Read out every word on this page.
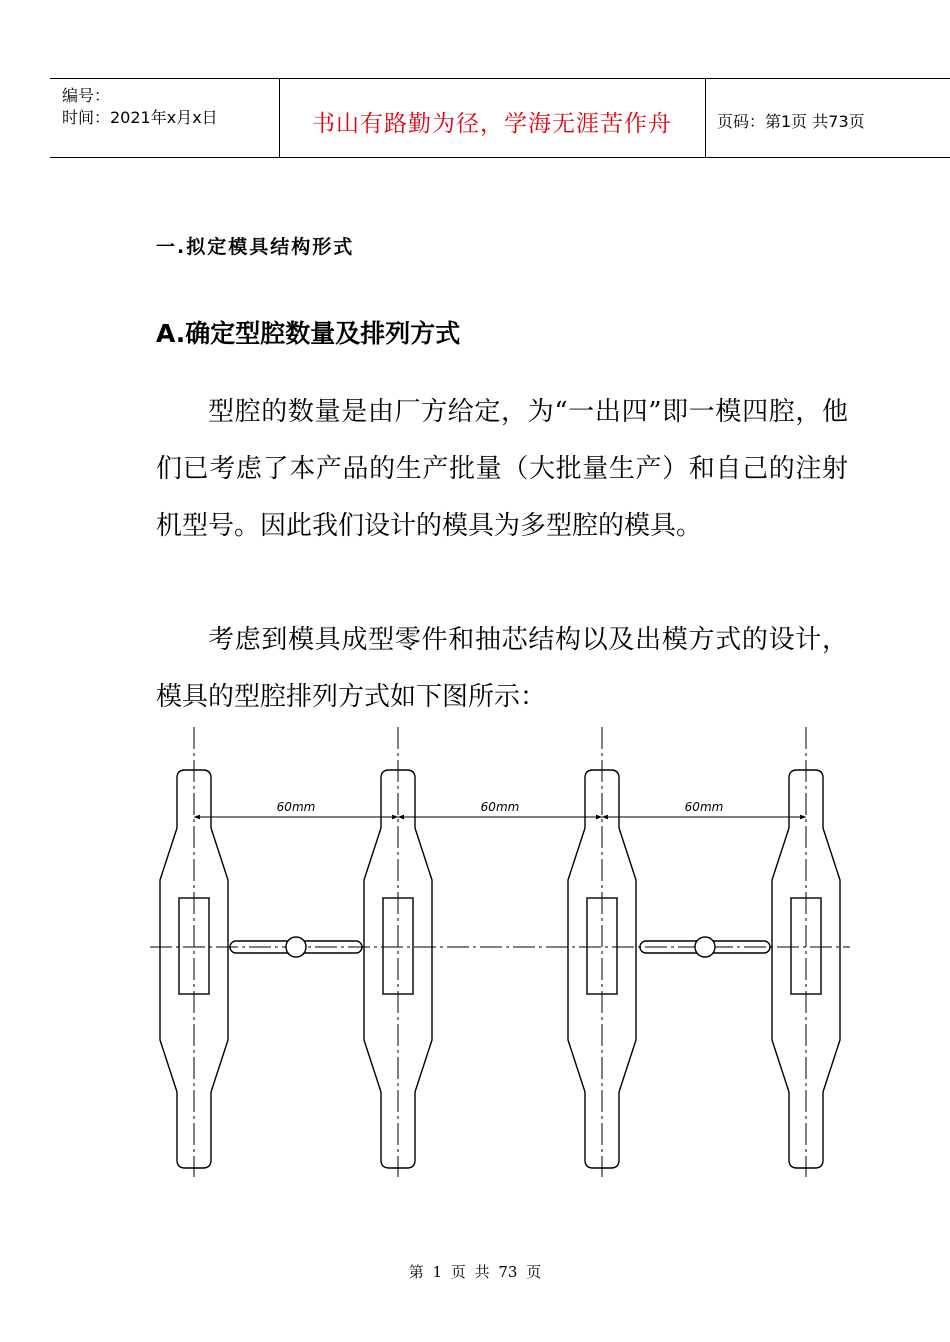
编号：
时间：2021年x月x日	书山有路勤为径，学海无涯苦作舟	页码：第1页 共73页
一.拟定模具结构形式
A.确定型腔数量及排列方式
型腔的数量是由厂方给定，为“一出四”即一模四腔，他们已考虑了本产品的生产批量（大批量生产）和自己的注射机型号。因此我们设计的模具为多型腔的模具。
考虑到模具成型零件和抽芯结构以及出模方式的设计，模具的型腔排列方式如下图所示：
60mm	60mm	60mm
第 1 页 共 73 页
